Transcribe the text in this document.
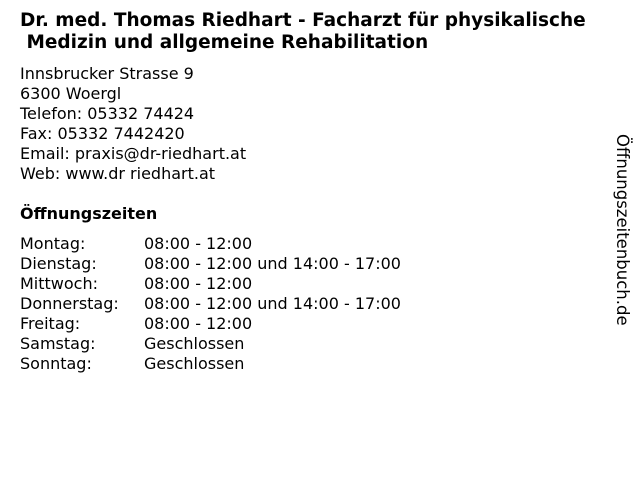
Dr. med. Thomas Riedhart - Facharzt für physikalische
Medizin und allgemeine Rehabilitation
Innsbrucker Strasse 9
6300 Woergl
Telefon: 05332 74424
Fax: 05332 7442420
Email: praxis@dr-riedhart.at
Web: www.dr riedhart.at
Öffnungszeiten
Montag:	08:00 - 12:00
Dienstag:	08:00 - 12:00 und 14:00 - 17:00
Mittwoch:	08:00 - 12:00
Donnerstag: 08:00 - 12:00 und 14:00 - 17:00
Freitag:	08:00 - 12:00
Samstag:	Geschlossen
Sonntag:	Geschlossen
Öffnungszeitenbuch.de
